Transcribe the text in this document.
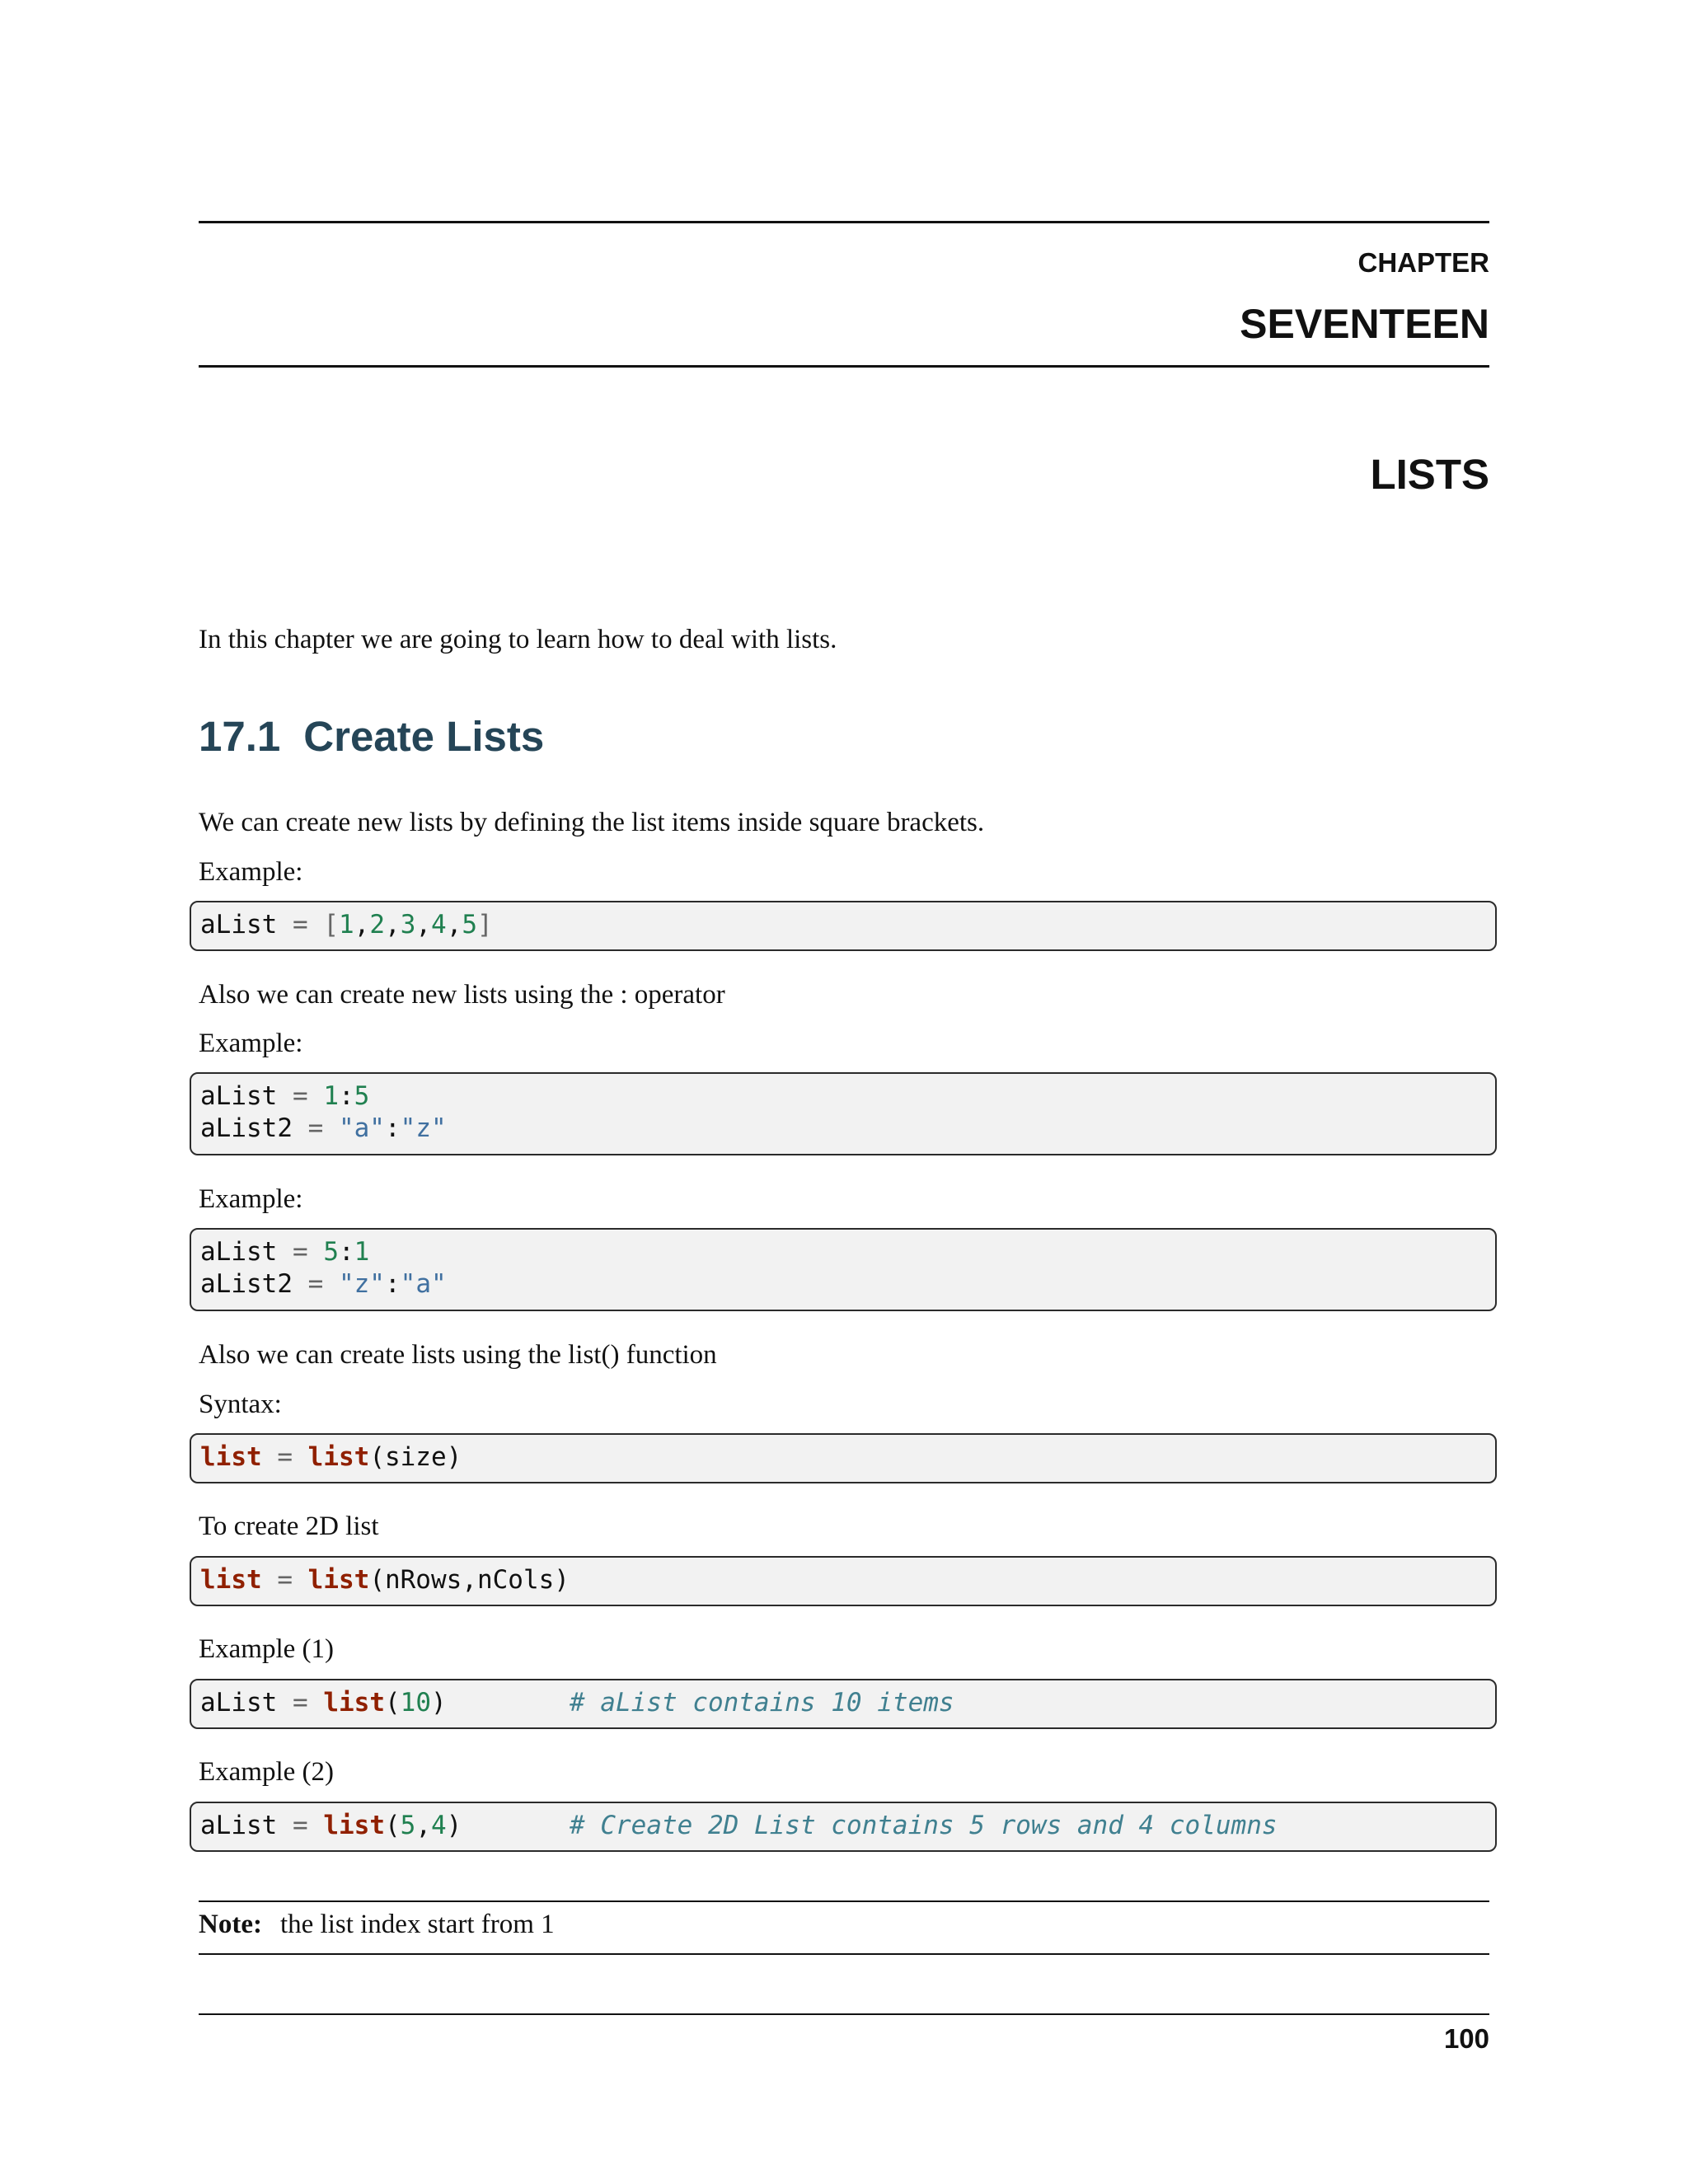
CHAPTER
SEVENTEEN
LISTS
In this chapter we are going to learn how to deal with lists.
17.1 Create Lists
We can create new lists by defining the list items inside square brackets.
Example:
aList = [1,2,3,4,5]
Also we can create new lists using the : operator
Example:
aList = 1:5
aList2 = "a":"z"
Example:
aList = 5:1
aList2 = "z":"a"
Also we can create lists using the list() function
Syntax:
list = list(size)
To create 2D list
list = list(nRows,nCols)
Example (1)
aList = list(10)	# aList contains 10 items
Example (2)
aList = list(5,4)	# Create 2D List contains 5 rows and 4 columns
Note: the list index start from 1
100
